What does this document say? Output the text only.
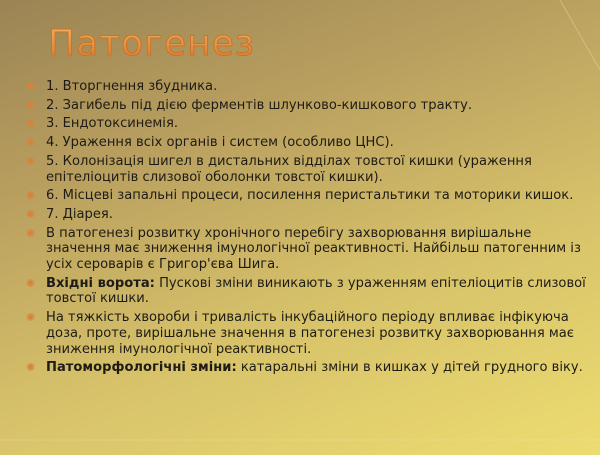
Патогенез
✺ 1. Вторгнення збудника.
✺ 2. Загибель під дією ферментів шлунково-кишкового тракту.
✺ 3. Ендотоксинемія.
✺ 4. Ураження всіх органів і систем (особливо ЦНС).
✺ 5. Колонізація шигел в дистальних відділах товстої кишки (ураження епітеліоцитів слизової оболонки товстої кишки).
✺ 6. Місцеві запальні процеси, посилення перистальтики та моторики кишок.
✺ 7. Діарея.
✺ В патогенезі розвитку хронічного перебігу захворювання вирішальне значення має зниження імунологічної реактивності. Найбільш патогенним із усіх сероварів є Григор'єва Шига.
✺ Вхідні ворота: Пускові зміни виникають з ураженням епітеліоцитів слизової товстої кишки.
✺ На тяжкість хвороби і тривалість інкубаційного періоду впливає інфікуюча доза, проте, вирішальне значення в патогенезі розвитку захворювання має зниження імунологічної реактивності.
✺ Патоморфологічні зміни: катаральні зміни в кишках у дітей грудного віку.
